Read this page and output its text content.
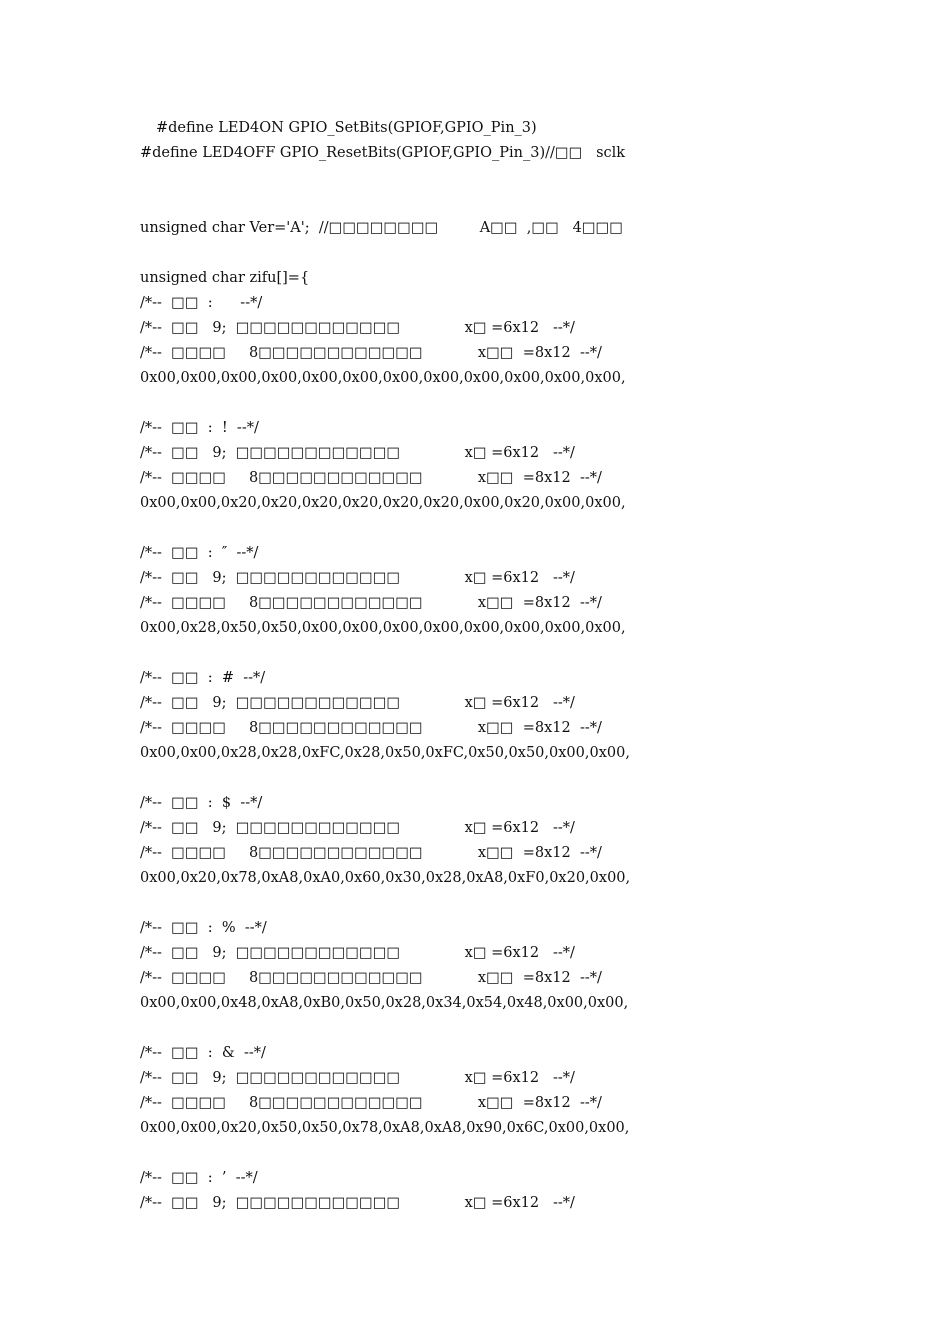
#define LED4ON GPIO_SetBits(GPIOF,GPIO_Pin_3)
#define LED4OFF GPIO_ResetBits(GPIOF,GPIO_Pin_3)//□□   sclk
unsigned char Ver='A';  //□□□□□□□□         A□□  ,□□   4□□□
unsigned char zifu[]={
/*--  □□  :      --*/
/*--  □□   9;  □□□□□□□□□□□□              x□ =6x12   --*/
/*--  □□□□     8□□□□□□□□□□□□            x□□  =8x12  --*/
0x00,0x00,0x00,0x00,0x00,0x00,0x00,0x00,0x00,0x00,0x00,0x00,
/*--  □□  :  !  --*/
/*--  □□   9;  □□□□□□□□□□□□              x□ =6x12   --*/
/*--  □□□□     8□□□□□□□□□□□□            x□□  =8x12  --*/
0x00,0x00,0x20,0x20,0x20,0x20,0x20,0x20,0x00,0x20,0x00,0x00,
/*--  □□  :  ″  --*/
/*--  □□   9;  □□□□□□□□□□□□              x□ =6x12   --*/
/*--  □□□□     8□□□□□□□□□□□□            x□□  =8x12  --*/
0x00,0x28,0x50,0x50,0x00,0x00,0x00,0x00,0x00,0x00,0x00,0x00,
/*--  □□  :  #  --*/
/*--  □□   9;  □□□□□□□□□□□□              x□ =6x12   --*/
/*--  □□□□     8□□□□□□□□□□□□            x□□  =8x12  --*/
0x00,0x00,0x28,0x28,0xFC,0x28,0x50,0xFC,0x50,0x50,0x00,0x00,
/*--  □□  :  $  --*/
/*--  □□   9;  □□□□□□□□□□□□              x□ =6x12   --*/
/*--  □□□□     8□□□□□□□□□□□□            x□□  =8x12  --*/
0x00,0x20,0x78,0xA8,0xA0,0x60,0x30,0x28,0xA8,0xF0,0x20,0x00,
/*--  □□  :  %  --*/
/*--  □□   9;  □□□□□□□□□□□□              x□ =6x12   --*/
/*--  □□□□     8□□□□□□□□□□□□            x□□  =8x12  --*/
0x00,0x00,0x48,0xA8,0xB0,0x50,0x28,0x34,0x54,0x48,0x00,0x00,
/*--  □□  :  &  --*/
/*--  □□   9;  □□□□□□□□□□□□              x□ =6x12   --*/
/*--  □□□□     8□□□□□□□□□□□□            x□□  =8x12  --*/
0x00,0x00,0x20,0x50,0x50,0x78,0xA8,0xA8,0x90,0x6C,0x00,0x00,
/*--  □□  :  ’  --*/
/*--  □□   9;  □□□□□□□□□□□□              x□ =6x12   --*/
